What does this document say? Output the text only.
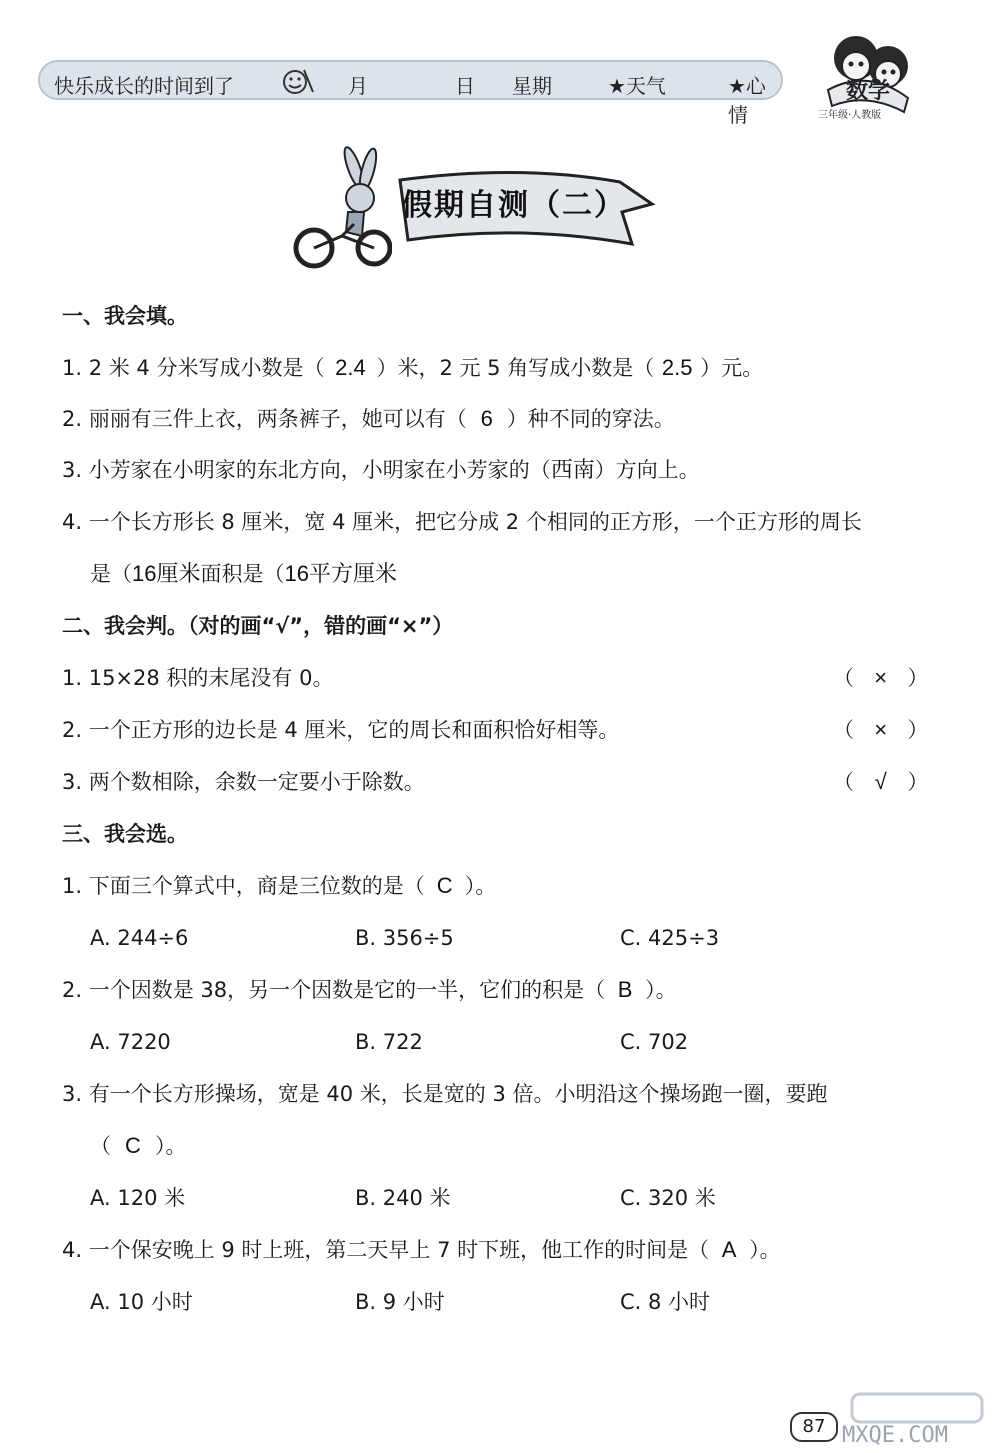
快乐成长的时间到了	月	日 星期	★天气	★心情
数学
三年级·人教版
假期自测（二）
一、我会填。
1. 2 米 4 分米写成小数是（ 2.4 ）米，2 元 5 角写成小数是（ 2.5 ）元。
2. 丽丽有三件上衣，两条裤子，她可以有（ 6 ）种不同的穿法。
3. 小芳家在小明家的东北方向，小明家在小芳家的（西南）方向上。
4. 一个长方形长 8 厘米，宽 4 厘米，把它分成 2 个相同的正方形，一个正方形的周长
是（16厘米面积是（16平方厘米
二、我会判。（对的画“√”，错的画“×”）
1. 15×28 积的末尾没有 0。	（ × ）
2. 一个正方形的边长是 4 厘米，它的周长和面积恰好相等。	（ × ）
3. 两个数相除，余数一定要小于除数。	（ √ ）
三、我会选。
1. 下面三个算式中，商是三位数的是（ C ）。
A. 244÷6	B. 356÷5	C. 425÷3
2. 一个因数是 38，另一个因数是它的一半，它们的积是（ B ）。
A. 7220	B. 722	C. 702
3. 有一个长方形操场，宽是 40 米，长是宽的 3 倍。小明沿这个操场跑一圈，要跑
（ C ）。
A. 120 米	B. 240 米	C. 320 米
4. 一个保安晚上 9 时上班，第二天早上 7 时下班，他工作的时间是（ A ）。
A. 10 小时	B. 9 小时	C. 8 小时
87 MXQE.COM
